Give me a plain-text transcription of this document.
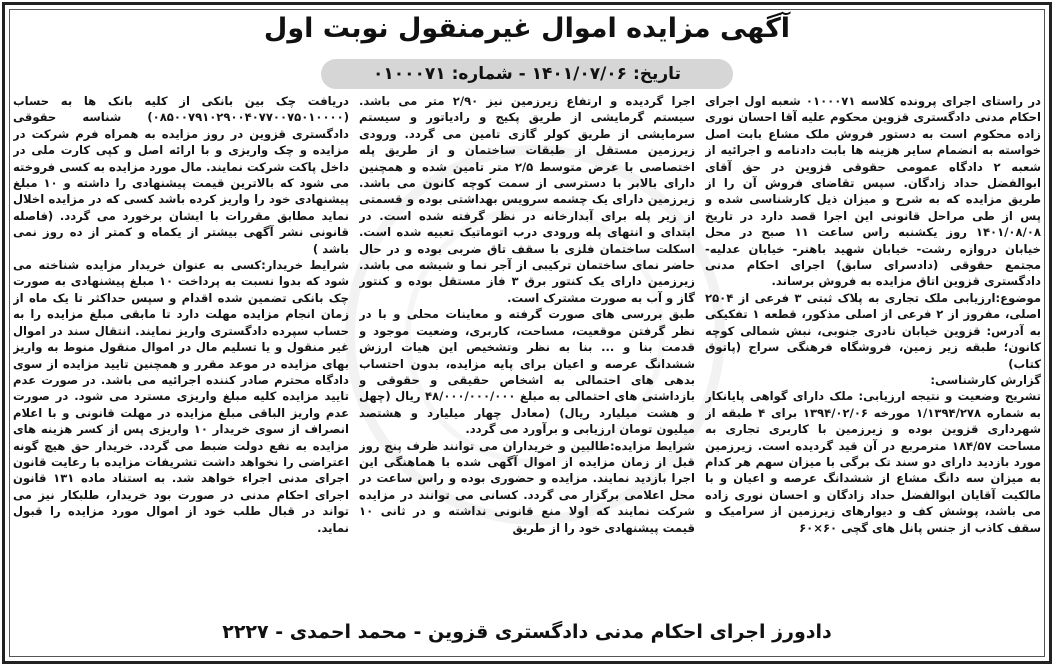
آگهی مزایده اموال غیرمنقول نوبت اول
تاریخ: ۱۴۰۱/۰۷/۰۶ - شماره: ۰۱۰۰۰۷۱

در راستای اجرای پرونده کلاسه ۰۱۰۰۰۷۱ شعبه اول اجرای احکام مدنی دادگستری قزوین محکوم علیه آقا احسان نوری زاده محکوم است به دستور فروش ملک مشاع بابت اصل خواسته به انضمام سایر هزینه ها بابت دادنامه و اجرائیه از شعبه ۲ دادگاه عمومی حقوقی قزوین در حق آقای ابوالفضل حداد زادگان. سپس تقاضای فروش آن را از طریق مزایده که به شرح و میزان ذیل کارشناسی شده و پس از طی مراحل قانونی این اجرا قصد دارد در تاریخ ۱۴۰۱/۰۸/۰۸ روز یکشنبه راس ساعت ۱۱ صبح در محل خیابان دروازه رشت- خیابان شهید باهنر- خیابان عدلیه- مجتمع حقوقی (دادسرای سابق) اجرای احکام مدنی دادگستری قزوین اتاق مزایده به فروش برساند.

موضوع:ارزیابی ملک تجاری به پلاک ثبتی ۳ فرعی از ۲۵۰۴ اصلی، مفروز از ۲ فرعی از اصلی مذکور، قطعه ۱ تفکیکی به آدرس: قزوین خیابان نادری جنوبی، نبش شمالی کوچه کانون؛ طبقه زیر زمین، فروشگاه فرهنگی سراج (پاتوق کتاب)

گزارش کارشناسی:

تشریح وضعیت و نتیجه ارزیابی: ملک دارای گواهی پایانکار به شماره ۱/۱۳۹۴/۲۷۸ مورخه ۱۳۹۴/۰۲/۰۶ برای ۴ طبقه از شهرداری قزوین بوده و زیرزمین با کاربری تجاری به مساحت ۱۸۴/۵۷ مترمربع در آن قید گردیده است. زیرزمین مورد بازدید دارای دو سند تک برگی با میزان سهم هر کدام به میزان سه دانگ مشاع از ششدانگ عرصه و اعیان و با مالکیت آقایان ابوالفضل حداد زادگان و احسان نوری زاده می باشد، پوشش کف و دیوارهای زیرزمین از سرامیک و سقف کاذب از جنس پانل های گچی ۶۰×۶۰

اجرا گردیده و ارتفاع زیرزمین نیز ۲/۹۰ متر می باشد. سیستم گرمایشی از طریق پکیج و رادیاتور و سیستم سرمایشی از طریق کولر گازی تامین می گردد. ورودی زیرزمین مستقل از طبقات ساختمان و از طریق پله اختصاصی با عرض متوسط ۲/۵ متر تامین شده و همچنین دارای بالابر با دسترسی از سمت کوچه کانون می باشد. زیرزمین دارای یک چشمه سرویس بهداشتی بوده و قسمتی از زیر پله برای آبدارخانه در نظر گرفته شده است. در ابتدای و انتهای پله ورودی درب اتوماتیک تعبیه شده است. اسکلت ساختمان فلزی با سقف تاق ضربی بوده و در حال حاضر نمای ساختمان ترکیبی از آجر نما و شیشه می باشد. زیرزمین دارای یک کنتور برق ۳ فاز مستقل بوده و کنتور گاز و آب به صورت مشترک است.

طبق بررسی های صورت گرفته و معاینات محلی و با در نظر گرفتن موقعیت، مساحت، کاربری، وضعیت موجود و قدمت بنا و ... بنا به نظر وتشخیص این هیات ارزش ششدانگ عرصه و اعیان برای پایه مزایده، بدون احتساب بدهی های احتمالی به اشخاص حقیقی و حقوقی و بازداشتی های احتمالی به مبلغ ۴۸/۰۰۰/۰۰۰/۰۰۰ ریال (چهل و هشت میلیارد ریال) (معادل چهار میلیارد و هشتصد میلیون تومان ارزیابی و برآورد می گردد.

شرایط مزایده:طالبین و خریداران می توانند ظرف پنج روز قبل از زمان مزایده از اموال آگهی شده با هماهنگی این اجرا بازدید نمایند. مزایده و حضوری بوده و راس ساعت در محل اعلامی برگزار می گردد. کسانی می توانند در مزایده شرکت نمایند که اولا منع قانونی نداشته و در ثانی ۱۰ قیمت پیشنهادی خود را از طریق

دریافت چک بین بانکی از کلیه بانک ها به حساب (۰۸۵۰۰۷۹۱۰۲۹۰۰۴۰۷۷۰۰۷۵۰۱۰۰۰۰) شناسه حقوقی دادگستری قزوین در روز مزایده به همراه فرم شرکت در مزایده و چک واریزی و با ارائه اصل و کپی کارت ملی در داخل پاکت شرکت نمایند. مال مورد مزایده به کسی فروخته می شود که بالاترین قیمت پیشنهادی را داشته و ۱۰ مبلغ پیشنهادی خود را واریز کرده باشد کسی که در مزایده اخلال نماید مطابق مقررات با ایشان برخورد می گردد. (فاصله قانونی نشر آگهی بیشتر از یکماه و کمتر از ده روز نمی باشد )

شرایط خریدار:کسی به عنوان خریدار مزایده شناخته می شود که بدوا نسبت به پرداخت ۱۰ مبلغ پیشنهادی به صورت چک بانکی تضمین شده اقدام و سپس حداکثر تا یک ماه از زمان انجام مزایده مهلت دارد تا مابقی مبلغ مزایده را به حساب سپرده دادگستری واریز نمایند. انتقال سند در اموال غیر منقول و یا تسلیم مال در اموال منقول منوط به واریز بهای مزایده در موعد مقرر و همچنین تایید مزایده از سوی دادگاه محترم صادر کننده اجرائیه می باشد. در صورت عدم تایید مزایده کلیه مبلغ واریزی مسترد می شود. در صورت عدم واریز الباقی مبلغ مزایده در مهلت قانونی و با اعلام انصراف از سوی خریدار ۱۰ واریزی پس از کسر هزینه های مزایده به نفع دولت ضبط می گردد. خریدار حق هیچ گونه اعتراضی را نخواهد داشت تشریفات مزایده با رعایت قانون اجرای مدنی اجراء خواهد شد. به استناد ماده ۱۳۱ قانون اجرای احکام مدنی در صورت بود خریدار، طلبکار نیز می تواند در قبال طلب خود از اموال مورد مزایده را قبول نماید.

دادورز اجرای احکام مدنی دادگستری قزوین - محمد احمدی - ۲۲۲۷
